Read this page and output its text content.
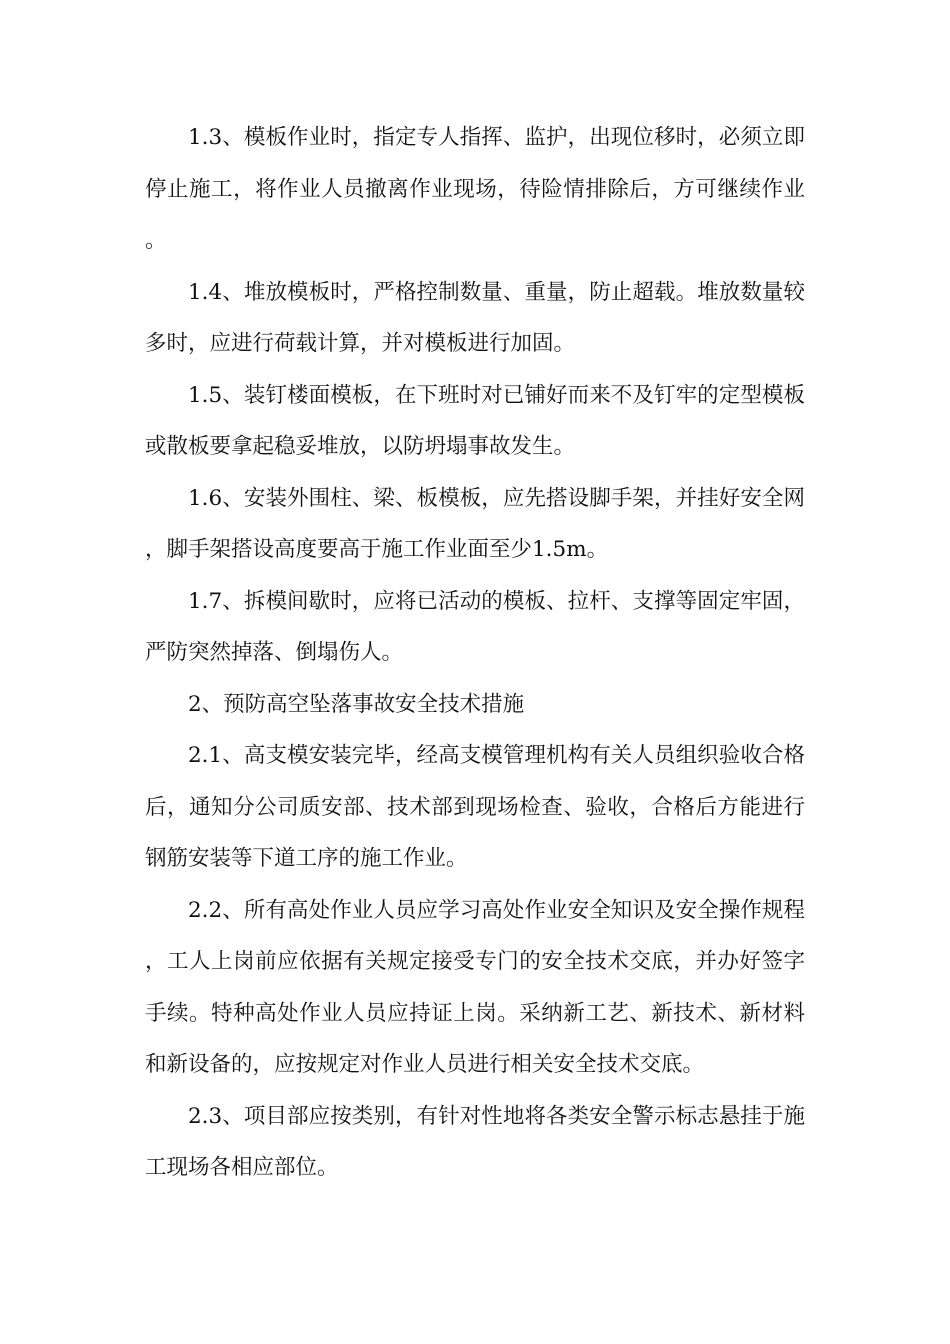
1.3、模板作业时，指定专人指挥、监护，出现位移时，必须立即停止施工，将作业人员撤离作业现场，待险情排除后，方可继续作业。

1.4、堆放模板时，严格控制数量、重量，防止超载。堆放数量较多时，应进行荷载计算，并对模板进行加固。

1.5、装钉楼面模板，在下班时对已铺好而来不及钉牢的定型模板或散板要拿起稳妥堆放，以防坍塌事故发生。

1.6、安装外围柱、梁、板模板，应先搭设脚手架，并挂好安全网，脚手架搭设高度要高于施工作业面至少1.5m。

1.7、拆模间歇时，应将已活动的模板、拉杆、支撑等固定牢固，严防突然掉落、倒塌伤人。

2、预防高空坠落事故安全技术措施

2.1、高支模安装完毕，经高支模管理机构有关人员组织验收合格后，通知分公司质安部、技术部到现场检查、验收，合格后方能进行钢筋安装等下道工序的施工作业。

2.2、所有高处作业人员应学习高处作业安全知识及安全操作规程，工人上岗前应依据有关规定接受专门的安全技术交底，并办好签字手续。特种高处作业人员应持证上岗。采纳新工艺、新技术、新材料和新设备的，应按规定对作业人员进行相关安全技术交底。

2.3、项目部应按类别，有针对性地将各类安全警示标志悬挂于施工现场各相应部位。
